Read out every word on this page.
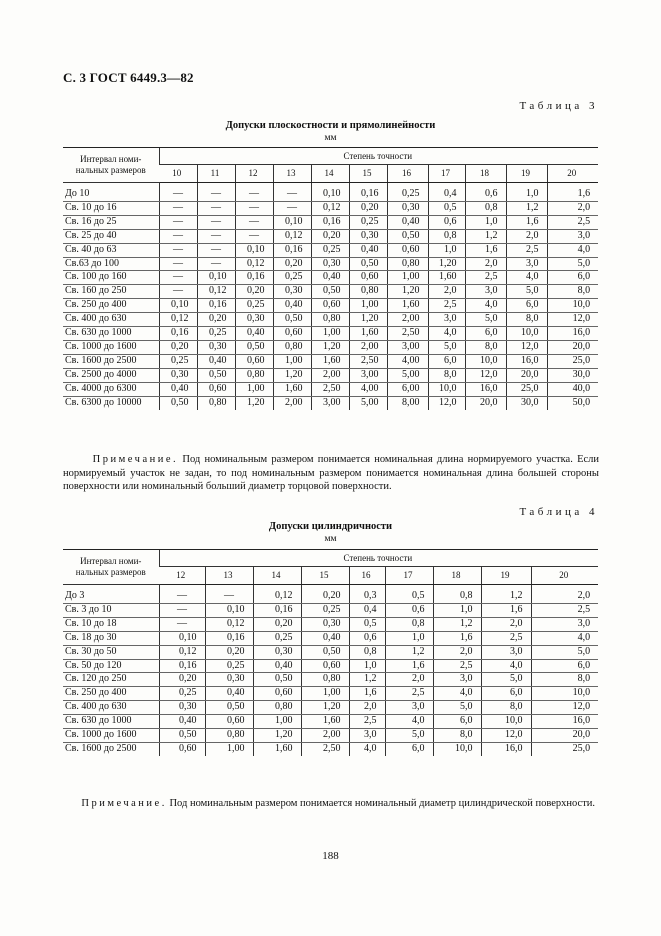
С. 3 ГОСТ 6449.3—82
Таблица 3
Допуски плоскостности и прямолинейности
мм
Интервал номи-
нальных размеров	Степень точности										
	10	11	12	13	14	15	16	17	18	19	20
До 10	—	—	—	—	0,10	0,16	0,25	0,4	0,6	1,0	1,6
Св. 10 до 16	—	—	—	—	0,12	0,20	0,30	0,5	0,8	1,2	2,0
Св. 16 до 25	—	—	—	0,10	0,16	0,25	0,40	0,6	1,0	1,6	2,5
Св. 25 до 40	—	—	—	0,12	0,20	0,30	0,50	0,8	1,2	2,0	3,0
Св. 40 до 63	—	—	0,10	0,16	0,25	0,40	0,60	1,0	1,6	2,5	4,0
Св.63 до 100	—	—	0,12	0,20	0,30	0,50	0,80	1,20	2,0	3,0	5,0
Св. 100 до 160	—	0,10	0,16	0,25	0,40	0,60	1,00	1,60	2,5	4,0	6,0
Св. 160 до 250	—	0,12	0,20	0,30	0,50	0,80	1,20	2,0	3,0	5,0	8,0
Св. 250 до 400	0,10	0,16	0,25	0,40	0,60	1,00	1,60	2,5	4,0	6,0	10,0
Св. 400 до 630	0,12	0,20	0,30	0,50	0,80	1,20	2,00	3,0	5,0	8,0	12,0
Св. 630 до 1000	0,16	0,25	0,40	0,60	1,00	1,60	2,50	4,0	6,0	10,0	16,0
Св. 1000 до 1600	0,20	0,30	0,50	0,80	1,20	2,00	3,00	5,0	8,0	12,0	20,0
Св. 1600 до 2500	0,25	0,40	0,60	1,00	1,60	2,50	4,00	6,0	10,0	16,0	25,0
Св. 2500 до 4000	0,30	0,50	0,80	1,20	2,00	3,00	5,00	8,0	12,0	20,0	30,0
Св. 4000 до 6300	0,40	0,60	1,00	1,60	2,50	4,00	6,00	10,0	16,0	25,0	40,0
Св. 6300 до 10000	0,50	0,80	1,20	2,00	3,00	5,00	8,00	12,0	20,0	30,0	50,0
Примечание. Под номинальным размером понимается номинальная длина нормируемого участка. Если нормируемый участок не задан, то под номинальным размером понимается номинальная длина большей стороны поверхности или номинальный больший диаметр торцовой поверхности.
Таблица 4
Допуски цилиндричности
мм
Интервал номи-
нальных размеров	Степень точности								
	12	13	14	15	16	17	18	19	20
До 3	—	—	0,12	0,20	0,3	0,5	0,8	1,2	2,0
Св. 3 до 10	—	0,10	0,16	0,25	0,4	0,6	1,0	1,6	2,5
Св. 10 до 18	—	0,12	0,20	0,30	0,5	0,8	1,2	2,0	3,0
Св. 18 до 30	0,10	0,16	0,25	0,40	0,6	1,0	1,6	2,5	4,0
Св. 30 до 50	0,12	0,20	0,30	0,50	0,8	1,2	2,0	3,0	5,0
Св. 50 до 120	0,16	0,25	0,40	0,60	1,0	1,6	2,5	4,0	6,0
Св. 120 до 250	0,20	0,30	0,50	0,80	1,2	2,0	3,0	5,0	8,0
Св. 250 до 400	0,25	0,40	0,60	1,00	1,6	2,5	4,0	6,0	10,0
Св. 400 до 630	0,30	0,50	0,80	1,20	2,0	3,0	5,0	8,0	12,0
Св. 630 до 1000	0,40	0,60	1,00	1,60	2,5	4,0	6,0	10,0	16,0
Св. 1000 до 1600	0,50	0,80	1,20	2,00	3,0	5,0	8,0	12,0	20,0
Св. 1600 до 2500	0,60	1,00	1,60	2,50	4,0	6,0	10,0	16,0	25,0
Примечание. Под номинальным размером понимается номинальный диаметр цилиндрической поверхности.
188
